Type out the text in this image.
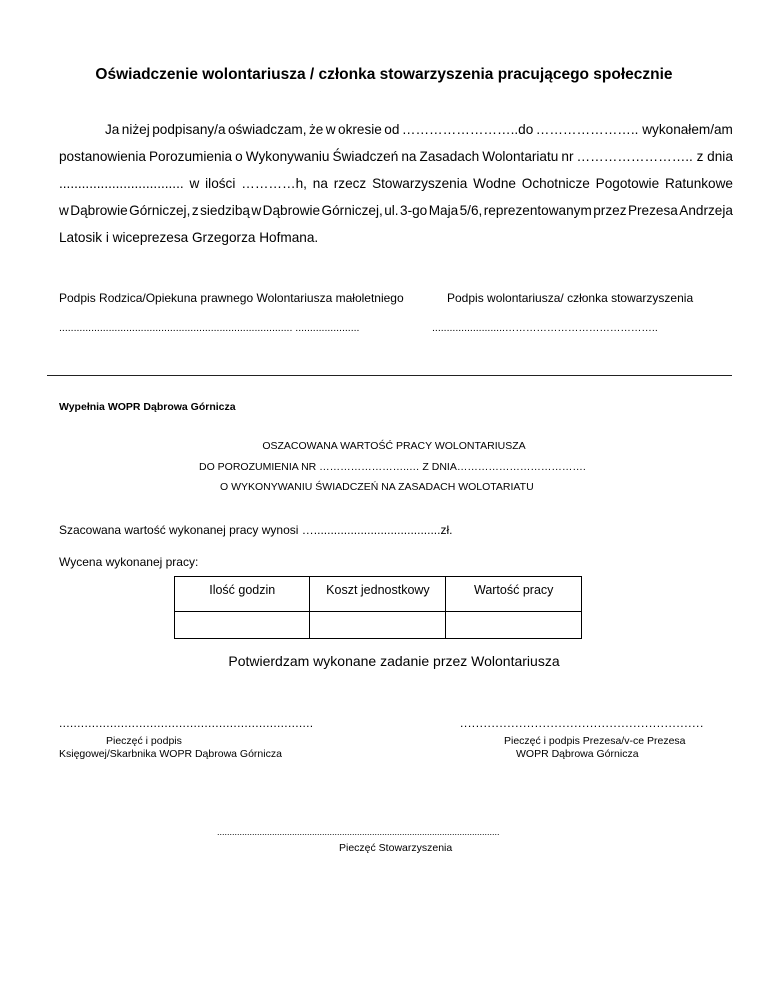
Oświadczenie wolontariusza / członka stowarzyszenia pracującego społecznie
Ja niżej podpisany/a oświadczam, że w okresie od ……………………..do ………………….. wykonałem/am
postanowienia Porozumienia o Wykonywaniu Świadczeń na Zasadach Wolontariatu nr …………………….. z dnia
................................. w ilości …………h, na rzecz Stowarzyszenia Wodne Ochotnicze Pogotowie Ratunkowe
w Dąbrowie Górniczej, z siedzibą w Dąbrowie Górniczej, ul. 3-go Maja 5/6, reprezentowanym przez Prezesa Andrzeja
Latosik i wiceprezesa Grzegorza Hofmana.
Podpis Rodzica/Opiekuna prawnego Wolontariusza małoletniego
................................................................................ ......................
Podpis wolontariusza/ członka stowarzyszenia
.........................……………………………………..
Wypełnia WOPR Dąbrowa Górnicza
OSZACOWANA WARTOŚĆ PRACY WOLONTARIUSZA
DO POROZUMIENIA NR ……………………..… Z DNIA……………………………….
O WYKONYWANIU ŚWIADCZEŃ NA ZASADACH WOLOTARIATU
Szacowana wartość wykonanej pracy wynosi …......................................zł.
Wycena wykonanej pracy:
Ilość godzin	Koszt jednostkowy	Wartość pracy

Potwierdzam wykonane zadanie przez Wolontariusza
......................................................................
Pieczęć i podpis
Księgowej/Skarbnika WOPR Dąbrowa Górnicza
..............................................................
Pieczęć i podpis Prezesa/v-ce Prezesa
WOPR Dąbrowa Górnicza
.................................................................................................................
Pieczęć Stowarzyszenia
